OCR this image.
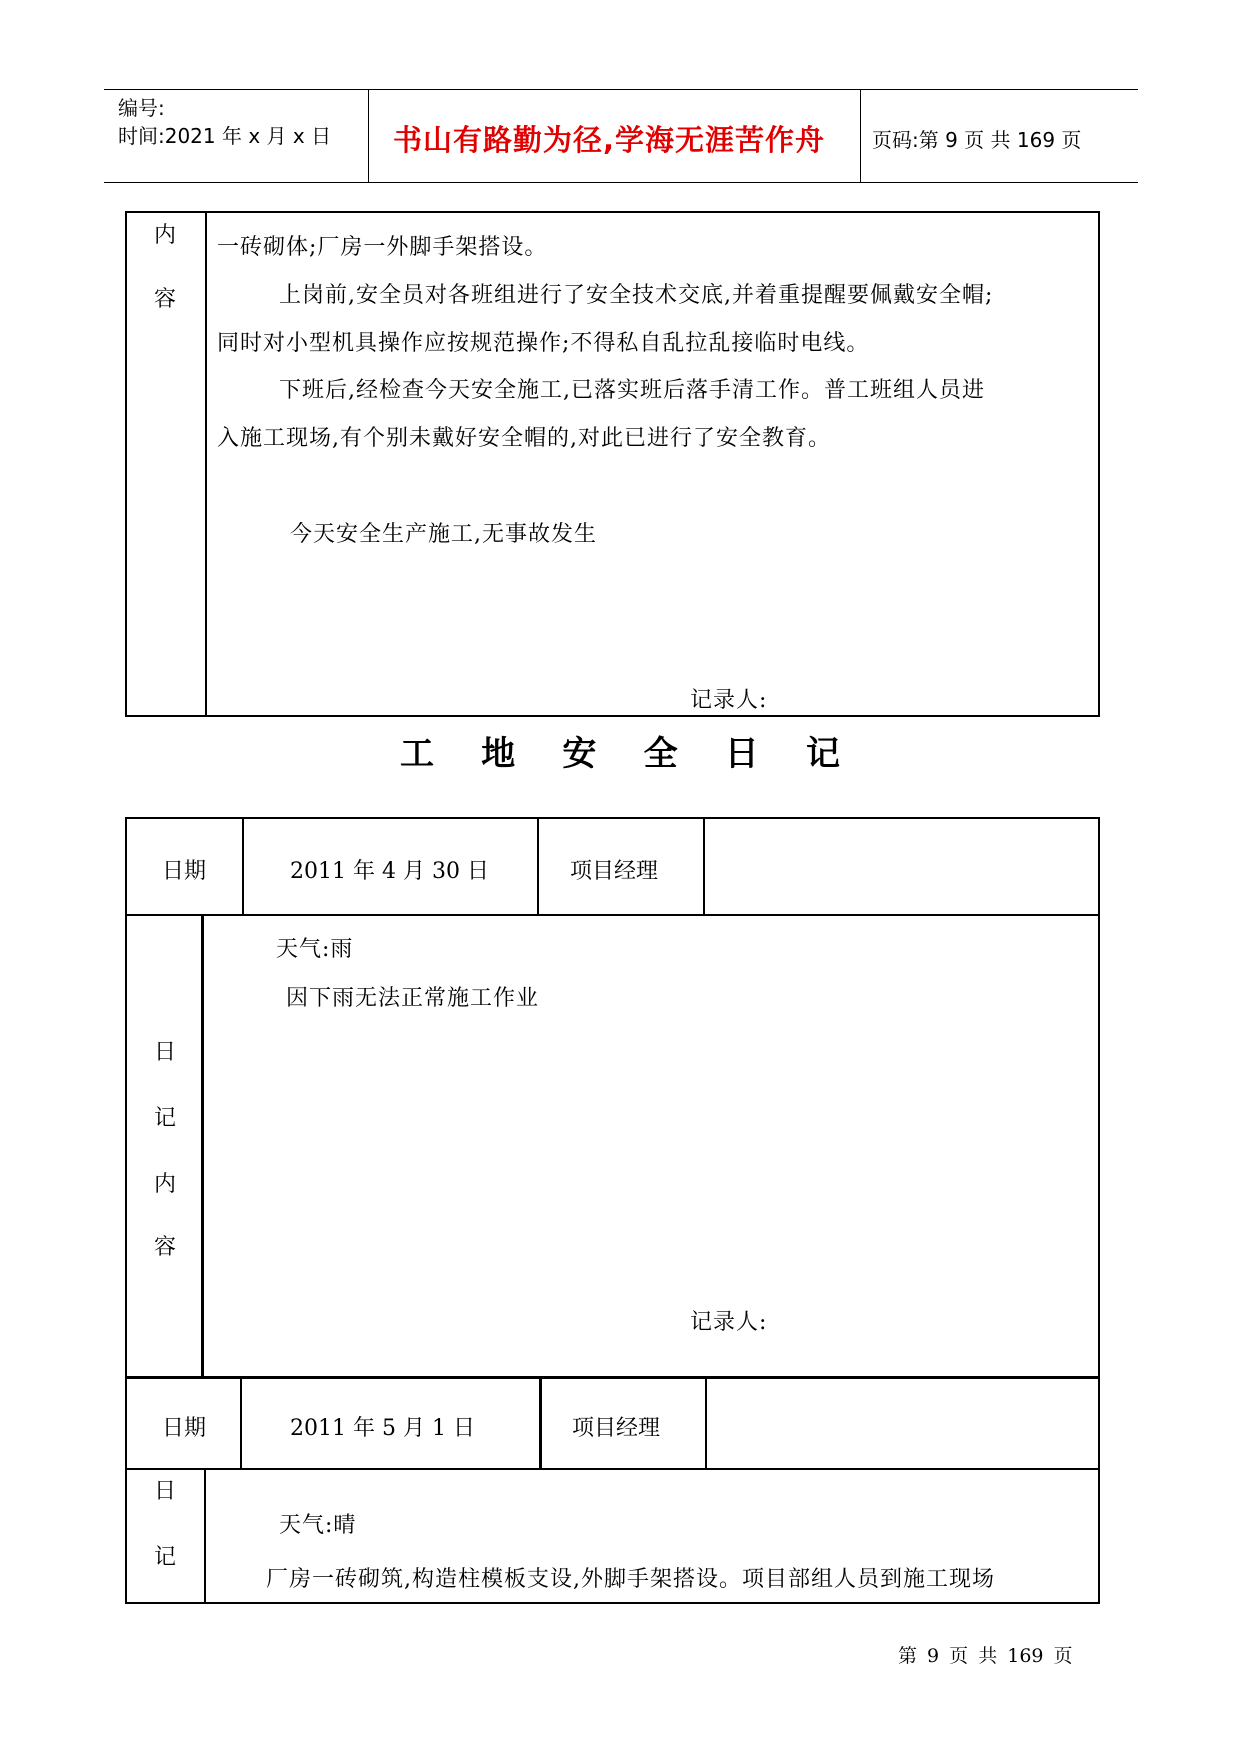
编号:
时间:2021 年 x 月 x 日 书山有路勤为径,学海无涯苦作舟 页码:第 9 页 共 169 页
内
容
一砖砌体;厂房一外脚手架搭设。
上岗前,安全员对各班组进行了安全技术交底,并着重提醒要佩戴安全帽;
同时对小型机具操作应按规范操作;不得私自乱拉乱接临时电线。
下班后,经检查今天安全施工,已落实班后落手清工作。普工班组人员进
入施工现场,有个别未戴好安全帽的,对此已进行了安全教育。
今天安全生产施工,无事故发生
记录人:
工 地 安 全 日 记
日期	2011 年 4 月 30 日	项目经理
日
记
内
容
天气:雨
因下雨无法正常施工作业
记录人:
日期	2011 年 5 月 1 日	项目经理
日
记
天气:晴
厂房一砖砌筑,构造柱模板支设,外脚手架搭设。项目部组人员到施工现场
第 9 页 共 169 页
